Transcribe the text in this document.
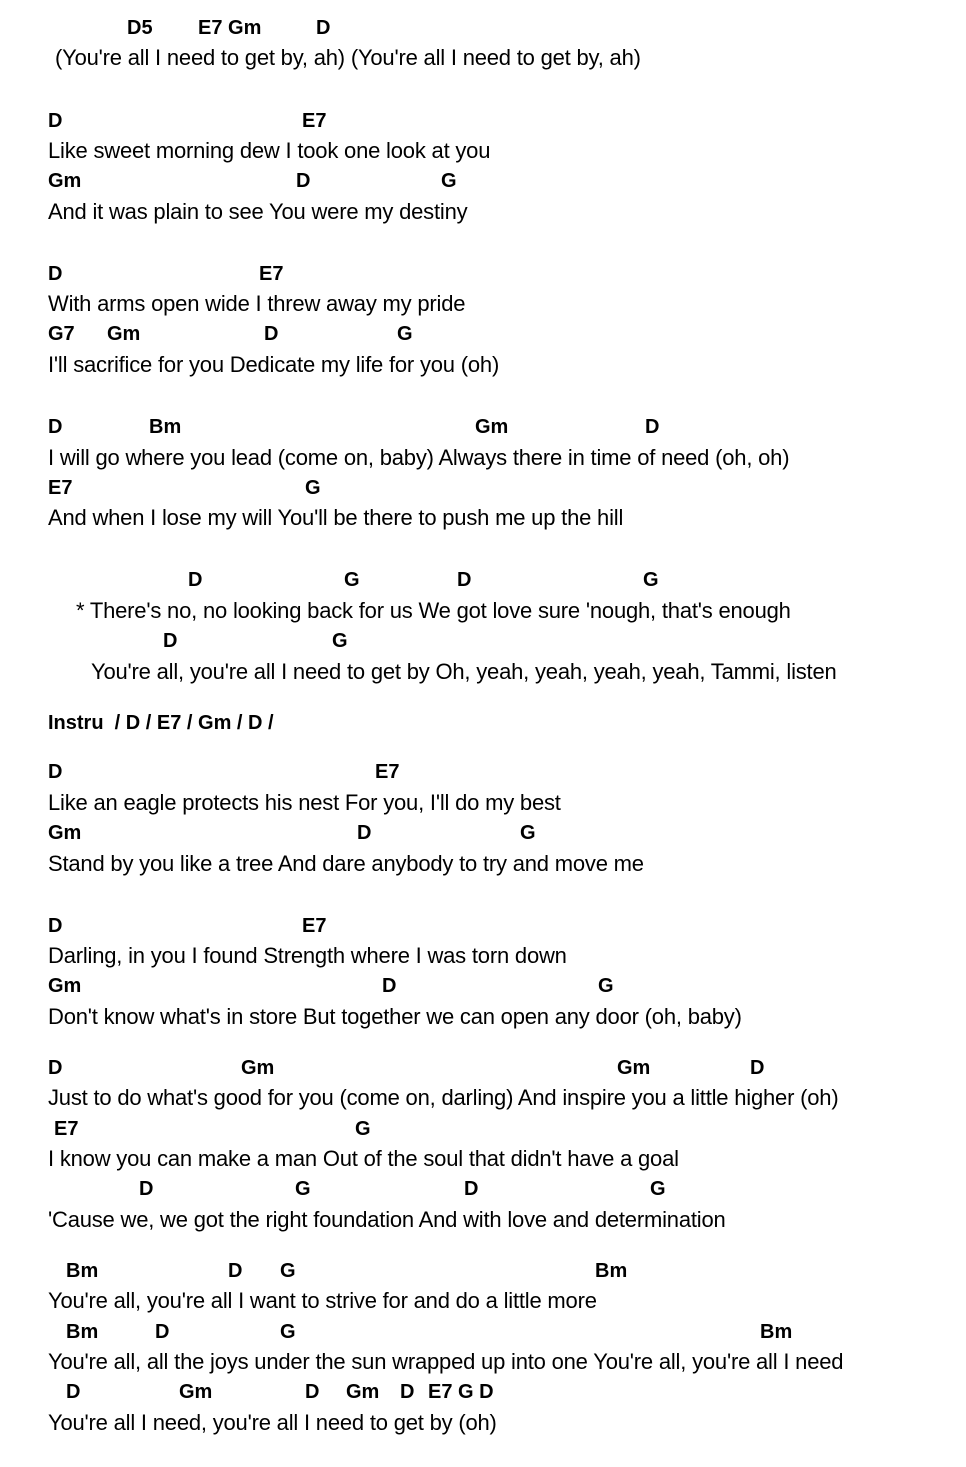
D5 E7 Gm	D
(You're all I need to get by, ah) (You're all I need to get by, ah)
D	E7
Like sweet morning dew I took one look at you
Gm	D	G
And it was plain to see You were my destiny
D	E7
With arms open wide I threw away my pride
G7 Gm	D	G
I'll sacrifice for you Dedicate my life for you (oh)
D	Bm	Gm	D
I will go where you lead (come on, baby) Always there in time of need (oh, oh)
E7	G
And when I lose my will You'll be there to push me up the hill
D	G	D	G
* There's no, no looking back for us We got love sure 'nough, that's enough
D	G
You're all, you're all I need to get by Oh, yeah, yeah, yeah, yeah, Tammi, listen
Instru  / D / E7 / Gm / D /
D	E7
Like an eagle protects his nest For you, I'll do my best
Gm	D	G
Stand by you like a tree And dare anybody to try and move me
D	E7
Darling, in you I found Strength where I was torn down
Gm	D	G
Don't know what's in store But together we can open any door (oh, baby)
D	Gm	Gm	D
Just to do what's good for you (come on, darling) And inspire you a little higher (oh)
E7	G
I know you can make a man Out of the soul that didn't have a goal
D	G	D	G
'Cause we, we got the right foundation And with love and determination
Bm	D G	Bm
You're all, you're all I want to strive for and do a little more
Bm	D	G	Bm
You're all, all the joys under the sun wrapped up into one You're all, you're all I need
D	Gm	D Gm D E7 G D
You're all I need, you're all I need to get by (oh)
